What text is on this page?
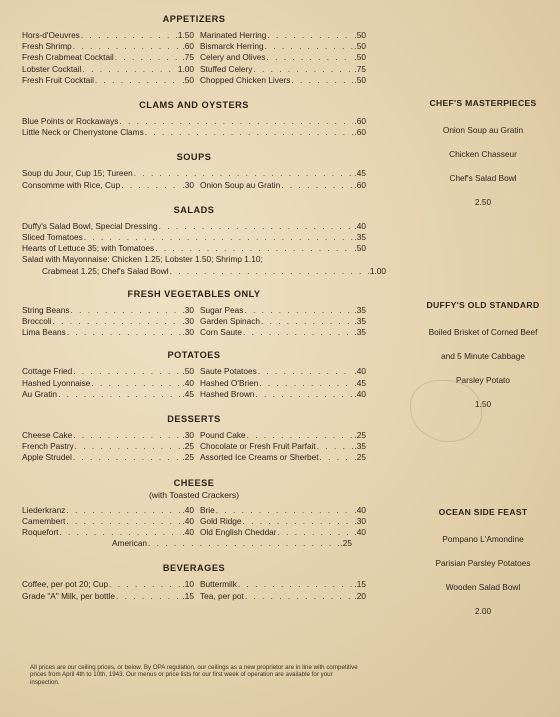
APPETIZERS
Hors-d'Oeuvres . . .	1.50 Marinated Herring . . .	.50
Fresh Shrimp . . .	.60 Bismarck Herring . . .	.50
Fresh Crabmeat Cocktail . . .	.75 Celery and Olives . . .	.50
Lobster Cocktail . . .	1.00 Stuffed Celery . . .	.75
Fresh Fruit Cocktail . . .	.50 Chopped Chicken Livers . . .	.50
CLAMS AND OYSTERS
Blue Points or Rockaways . . .	.60
Little Neck or Cherrystone Clams . . .	.60
SOUPS
Soup du Jour, Cup 15; Tureen . . .	.45
Consomme with Rice, Cup . . .	.30 Onion Soup au Gratin . . .	.60
SALADS
Duffy's Salad Bowl, Special Dressing . . .	.40
Sliced Tomatoes . . .	.35
Hearts of Lettuce 35; with Tomatoes . . .	.50
Salad with Mayonnaise: Chicken 1.25; Lobster 1.50; Shrimp 1.10;
Crabmeat 1.25; Chef's Salad Bowl . . .	1.00
FRESH VEGETABLES ONLY
String Beans . . .	.30 Sugar Peas . . .	.35
Broccoli . . .	.30 Garden Spinach . . .	.35
Lima Beans . . .	.30 Corn Saute . . .	.35
POTATOES
Cottage Fried . . .	.50 Saute Potatoes . . .	.40
Hashed Lyonnaise . . .	.40 Hashed O'Brien . . .	.45
Au Gratin . . .	.45 Hashed Brown . . .	.40
DESSERTS
Cheese Cake . . .	.30 Pound Cake . . .	.25
French Pastry . . .	.25 Chocolate or Fresh Fruit Parfait . . .	.35
Apple Strudel . . .	.25 Assorted Ice Creams or Sherbet . . .	.25
CHEESE
(with Toasted Crackers)
Liederkranz . . .	.40 Brie . . .	.40
Camembert . . .	.40 Gold Ridge . . .	.30
Roquefort . . .	.40 Old English Cheddar . . .	.40
American . . .	.25
BEVERAGES
Coffee, per pot 20; Cup . . .	.10 Buttermilk . . .	.15
Grade "A" Milk, per bottle . . .	.15 Tea, per pot . . .	.20
All prices are our ceiling prices, or below. By OPA regulation, our ceilings as a new proprietor are in line with competitive prices from April 4th to 10th, 1943. Our menus or price lists for our first week of operation are available for your inspection.
CHEF'S MASTERPIECES
Onion Soup au Gratin
Chicken Chasseur
Chef's Salad Bowl
2.50
DUFFY'S OLD STANDARD
Boiled Brisket of Corned Beef
and 5 Minute Cabbage
Parsley Potato
1.50
OCEAN SIDE FEAST
Pompano L'Amondine
Parisian Parsley Potatoes
Wooden Salad Bowl
2.00
